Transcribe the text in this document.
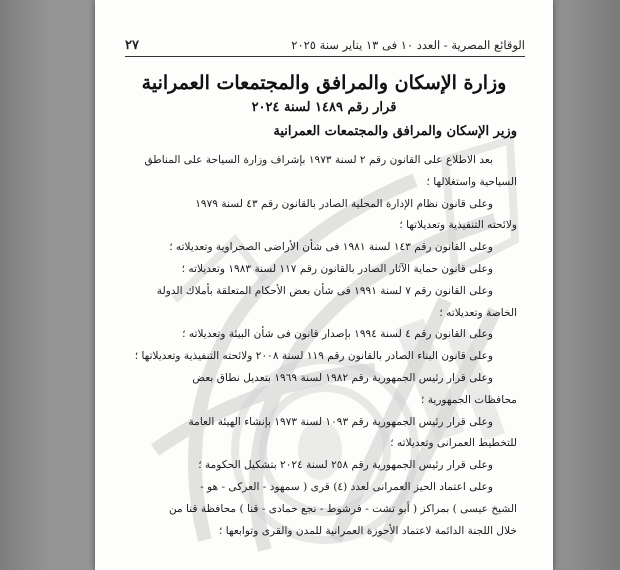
الوقائع المصرية - العدد ١٠ فى ١٣ يناير سنة ٢٠٢٥
٢٧
وزارة الإسكان والمرافق والمجتمعات العمرانية
قرار رقم ١٤٨٩ لسنة ٢٠٢٤
وزير الإسكان والمرافق والمجتمعات العمرانية
بعد الاطلاع على القانون رقم ٢ لسنة ١٩٧٣ بإشراف وزارة السياحة على المناطق
السياحية واستغلالها ؛
وعلى قانون نظام الإدارة المحلية الصادر بالقانون رقم ٤٣ لسنة ١٩٧٩
ولائحته التنفيذية وتعديلاتها ؛
وعلى القانون رقم ١٤٣ لسنة ١٩٨١ فى شأن الأراضى الصحراوية وتعديلاته ؛
وعلى قانون حماية الآثار الصادر بالقانون رقم ١١٧ لسنة ١٩٨٣ وتعديلاته ؛
وعلى القانون رقم ٧ لسنة ١٩٩١ فى شأن بعض الأحكام المتعلقة بأملاك الدولة
الخاصة وتعديلاته ؛
وعلى القانون رقم ٤ لسنة ١٩٩٤ بإصدار قانون فى شأن البيئة وتعديلاته ؛
وعلى قانون البناء الصادر بالقانون رقم ١١٩ لسنة ٢٠٠٨ ولائحته التنفيذية وتعديلاتها ؛
وعلى قرار رئيس الجمهورية رقم ١٩٨٢ لسنة ١٩٦٩ بتعديل نطاق بعض
محافظات الجمهورية ؛
وعلى قرار رئيس الجمهورية رقم ١٠٩٣ لسنة ١٩٧٣ بإنشاء الهيئة العامة
للتخطيط العمرانى وتعديلاته ؛
وعلى قرار رئيس الجمهورية رقم ٢٥٨ لسنة ٢٠٢٤ بتشكيل الحكومة ؛
وعلى اعتماد الحيز العمرانى لعدد (٤) قرى ( سمهود - العركى - هو -
الشيخ عيسى ) بمراكز ( أبو تشت - فرشوط - نجع حمادى - قنا ) محافظة قنا من
خلال اللجنة الدائمة لاعتماد الأحوزة العمرانية للمدن والقرى وتوابعها ؛
